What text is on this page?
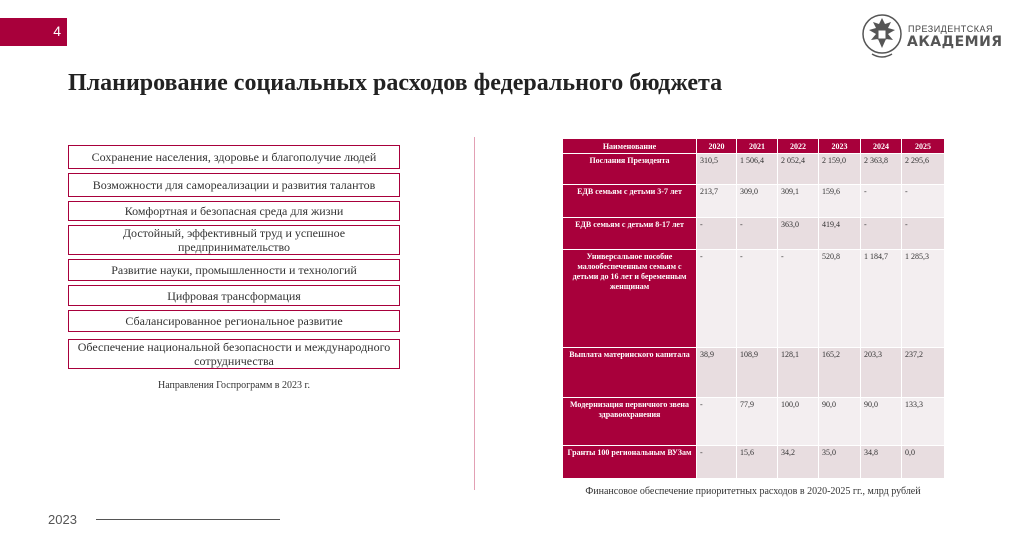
4	ПРЕЗИДЕНТСКАЯ
АКАДЕМИЯ
Планирование социальных расходов федерального бюджета
Сохранение населения, здоровье и благополучие людей
Возможности для самореализации и развития талантов
Комфортная и безопасная среда для жизни
Достойный, эффективный труд и успешное предпринимательство
Развитие науки, промышленности и технологий
Цифровая трансформация
Сбалансированное региональное развитие
Обеспечение национальной безопасности и международного сотрудничества
Направления Госпрограмм в 2023 г.
Наименование	2020	2021	2022	2023	2024	2025
Послания Президента	310,5	1 506,4	2 052,4	2 159,0	2 363,8	2 295,6
ЕДВ семьям с детьми 3-7 лет	213,7	309,0	309,1	159,6	-	-
ЕДВ семьям с детьми 8-17 лет	-	-	363,0	419,4	-	-
Универсальное пособие малообеспеченным семьям с детьми до 16 лет и беременным женщинам	-	-	-	520,8	1 184,7	1 285,3
Выплата материнского капитала	38,9	108,9	128,1	165,2	203,3	237,2
Модернизация первичного звена здравоохранения	-	77,9	100,0	90,0	90,0	133,3
Гранты 100 региональным ВУЗам	-	15,6	34,2	35,0	34,8	0,0
Финансовое обеспечение приоритетных расходов в 2020-2025 гг., млрд рублей
2023
